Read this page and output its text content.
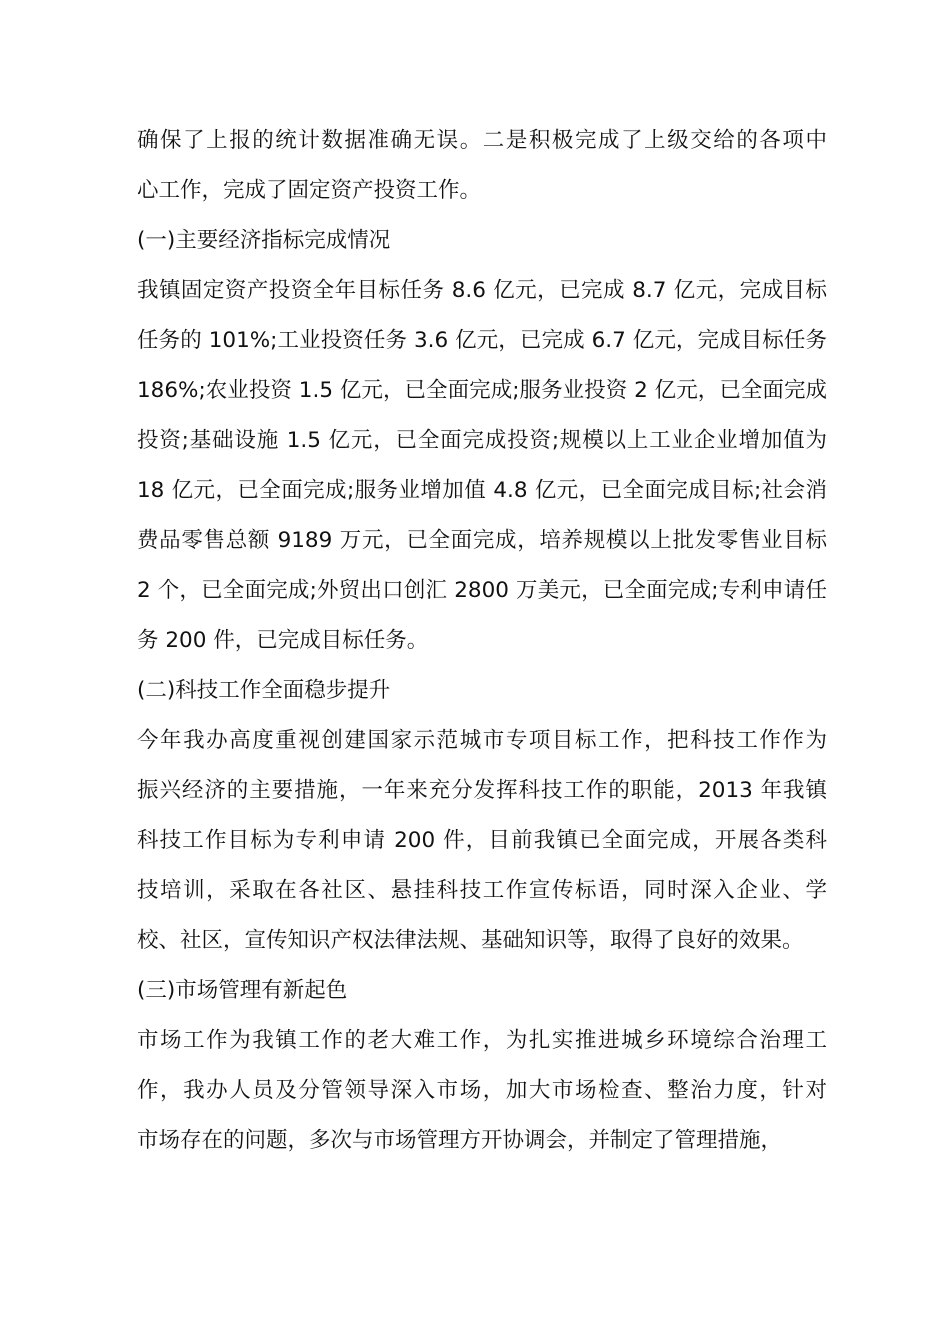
确保了上报的统计数据准确无误。二是积极完成了上级交给的各项中
心工作，完成了固定资产投资工作。
(一)主要经济指标完成情况
我镇固定资产投资全年目标任务 8.6 亿元，已完成 8.7 亿元，完成目标
任务的 101%;工业投资任务 3.6 亿元，已完成 6.7 亿元，完成目标任务
186%;农业投资 1.5 亿元，已全面完成;服务业投资 2 亿元，已全面完成
投资;基础设施 1.5 亿元，已全面完成投资;规模以上工业企业增加值为
18 亿元，已全面完成;服务业增加值 4.8 亿元，已全面完成目标;社会消
费品零售总额 9189 万元，已全面完成，培养规模以上批发零售业目标
2 个，已全面完成;外贸出口创汇 2800 万美元，已全面完成;专利申请任
务 200 件，已完成目标任务。
(二)科技工作全面稳步提升
今年我办高度重视创建国家示范城市专项目标工作，把科技工作作为
振兴经济的主要措施，一年来充分发挥科技工作的职能，2013 年我镇
科技工作目标为专利申请 200 件，目前我镇已全面完成，开展各类科
技培训，采取在各社区、悬挂科技工作宣传标语，同时深入企业、学
校、社区，宣传知识产权法律法规、基础知识等，取得了良好的效果。
(三)市场管理有新起色
市场工作为我镇工作的老大难工作，为扎实推进城乡环境综合治理工
作，我办人员及分管领导深入市场，加大市场检查、整治力度，针对
市场存在的问题，多次与市场管理方开协调会，并制定了管理措施，
